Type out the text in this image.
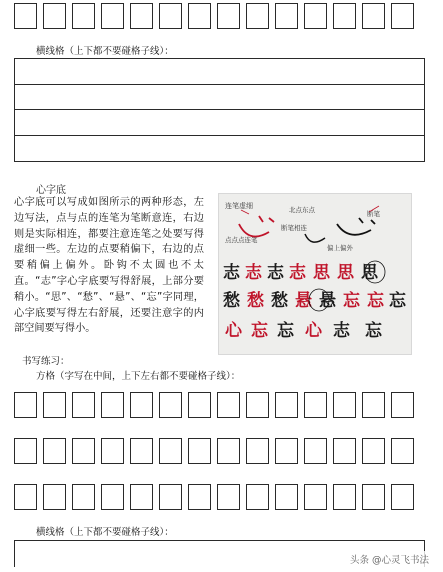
横线格（上下都不要碰格子线）：
心字底
心字底可以写成如图所示的两种形态，左边写法，点与点的连笔为笔断意连，右边则是实际相连，都要注意连笔之处要写得虚细一些。左边的点要稍偏下，右边的点要稍偏上偏外。卧钩不太圆也不太直。“志”字心字底要写得舒展，上部分要稍小。“思”、“愁”、“悬”、“忘”字同理，心字底要写得左右舒展，还要注意字的内部空间要写得小。
连笔虚细	北点东点	断笔
点点点连笔
断笔相连
偏上偏外
志 志 志 志 思 思 思
愁 愁 愁 悬 悬 忘 忘 忘
心 忘 忘 心 志 忘
书写练习：
方格（字写在中间，上下左右都不要碰格子线）：
横线格（上下都不要碰格子线）：
头条 @心灵飞书法
